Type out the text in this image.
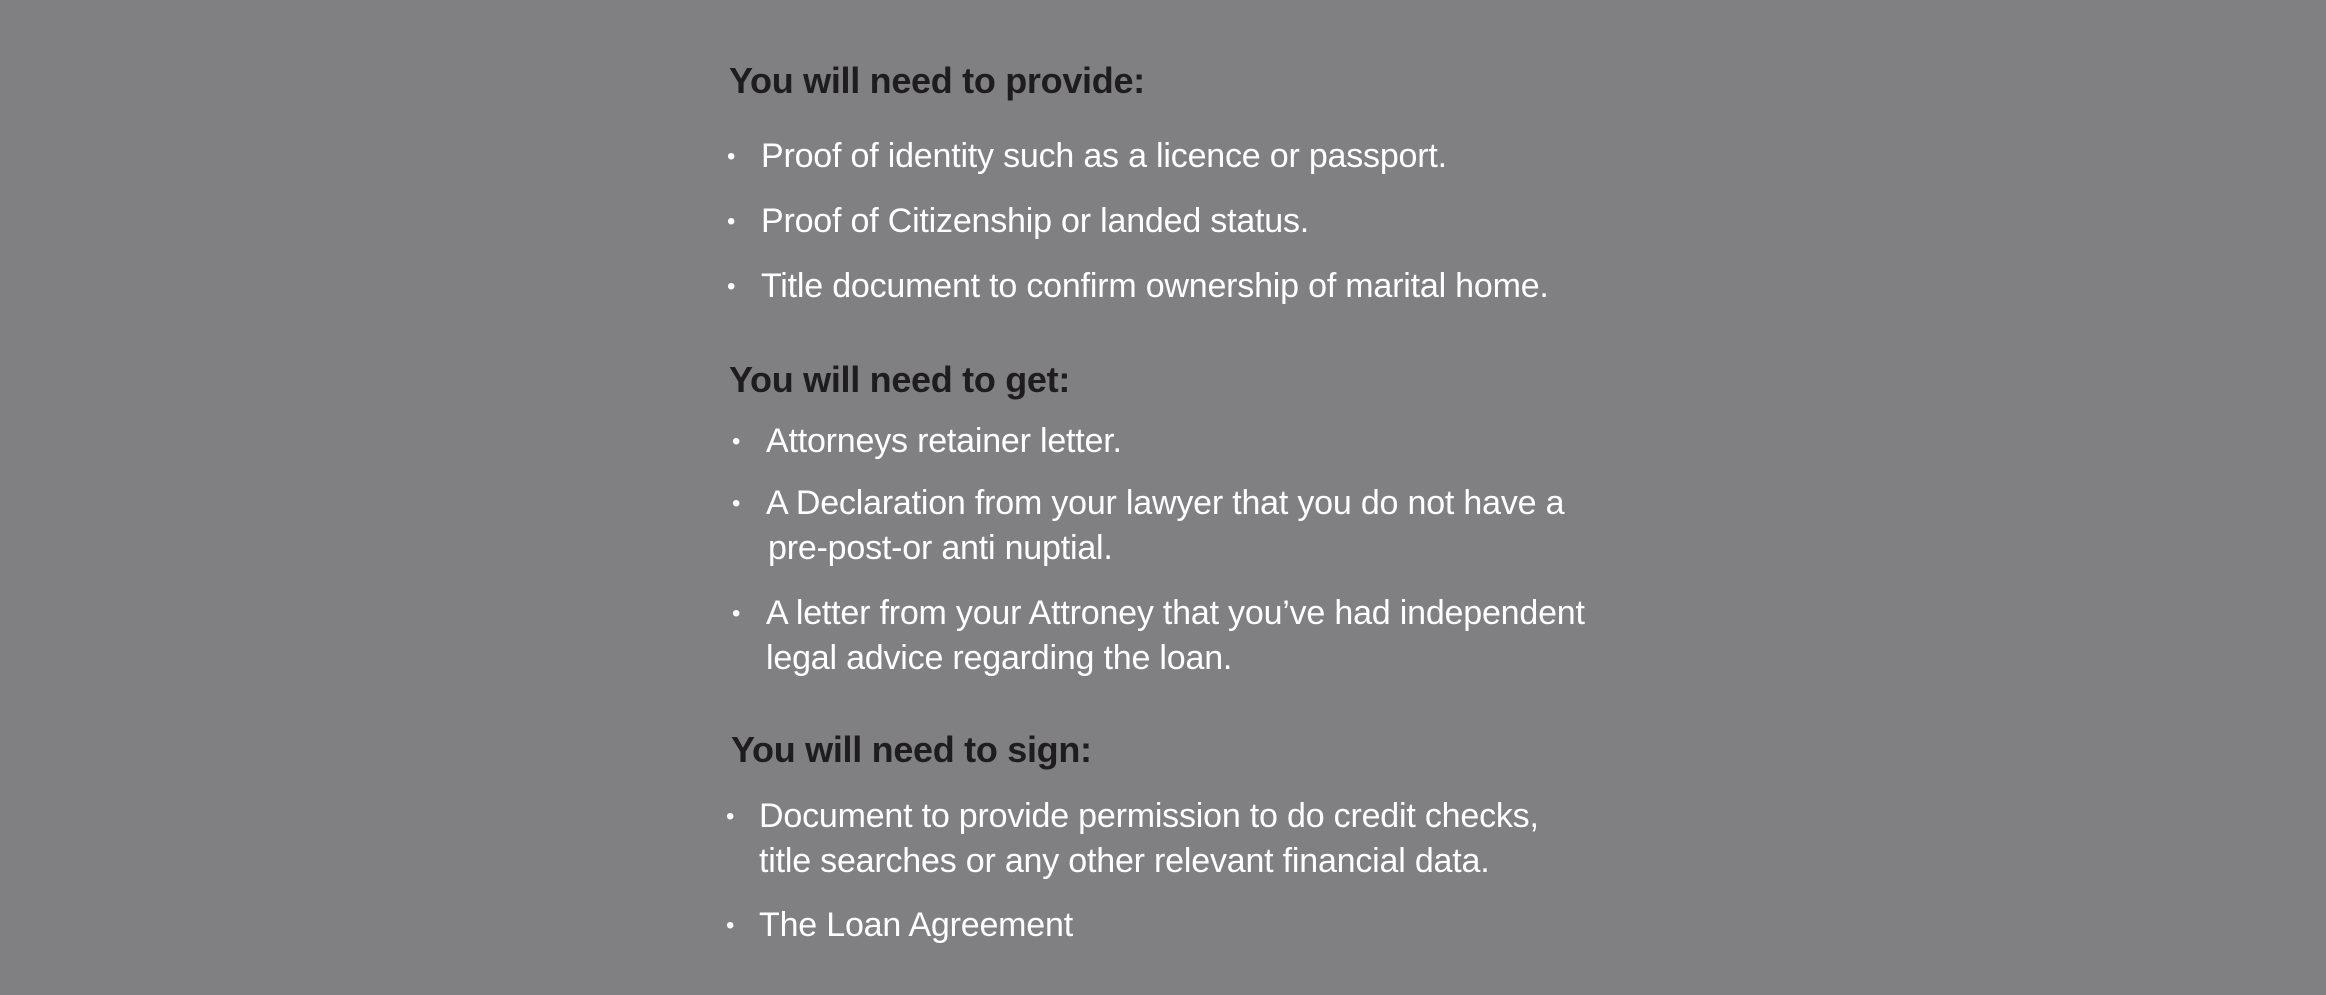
You will need to provide:
• Proof of identity such as a licence or passport.
• Proof of Citizenship or landed status.
• Title document to confirm ownership of marital home.
You will need to get:
• Attorneys retainer letter.
• A Declaration from your lawyer that you do not have a
pre-post-or anti nuptial.
• A letter from your Attroney that you’ve had independent
legal advice regarding the loan.
You will need to sign:
• Document to provide permission to do credit checks,
title searches or any other relevant financial data.
• The Loan Agreement
